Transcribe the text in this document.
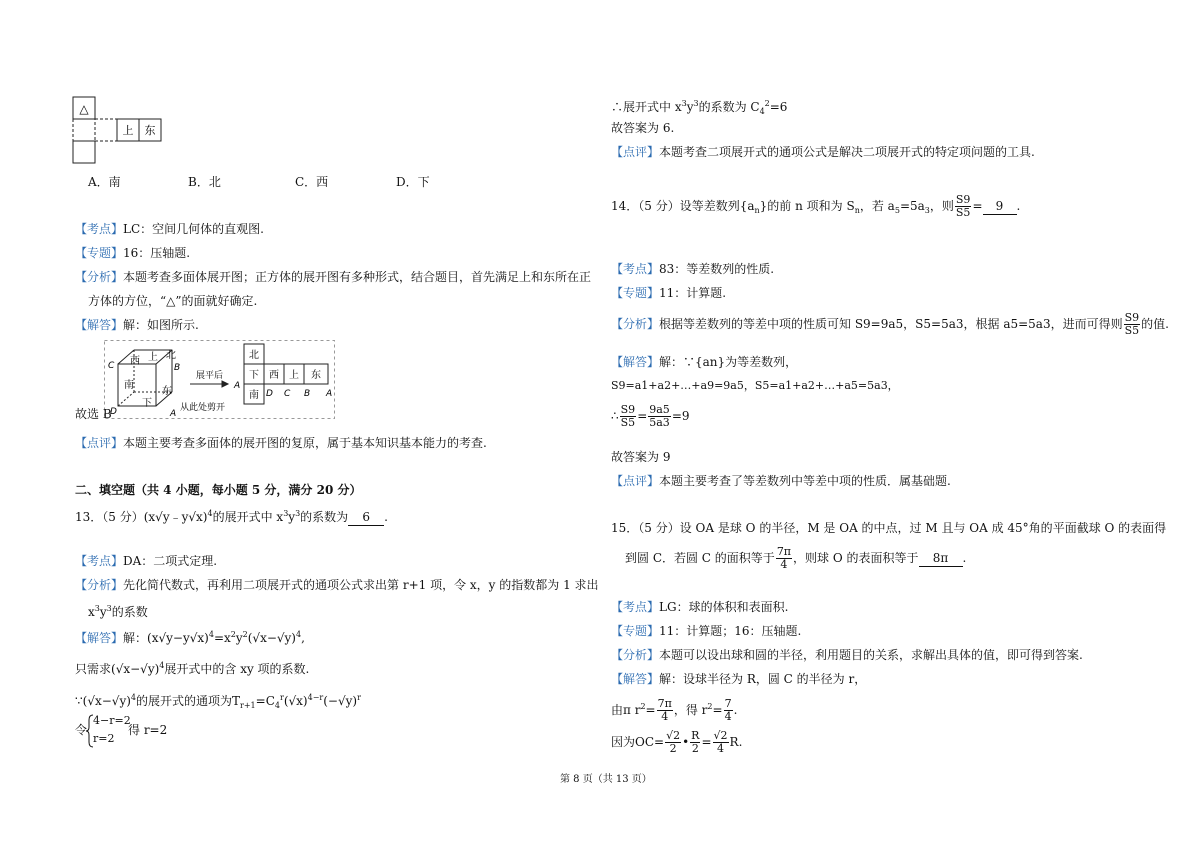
△
上 东
A．南	B．北	C．西	D．下
【考点】LC：空间几何体的直观图.
【专题】16：压轴题.
【分析】本题考查多面体展开图；正方体的展开图有多种形式，结合题目，首先满足上和东所在正
方体的方位，“△”的面就好确定.
【解答】解：如图所示.
西 上 北
南
东
下
C	B
D	A
展平后
从此处剪开
北
下 西 上 东
南
A
D C B A
故选 B
【点评】本题主要考查多面体的展开图的复原，属于基本知识基本能力的考查.
二、填空题（共 4 小题，每小题 5 分，满分 20 分）
13．（5 分）(x√y﹣y√x)$^4$的展开式中 $x^3y^3$的系数为 6 .
【考点】DA：二项式定理.
【分析】先化简代数式，再利用二项展开式的通项公式求出第 r+1 项，令 x，y 的指数都为 1 求出
$x^3y^3$的系数
【解答】解：$(x√y-y√x)^4=x^2y^2(√x-√y)^4$,
只需求$(√x-√y)^4$展开式中的含 xy 项的系数.
$\because(√x-√y)^4$的展开式的通项为$T_{r+1}=C_4^r(√x)^{4-r}(-√y)^r$
令
4−r=2
r=2
得 r=2
∴展开式中 $x^3y^3$的系数为 $C_4^2=6$
故答案为 6.
【点评】本题考查二项展开式的通项公式是解决二项展开式的特定项问题的工具.
14．（5 分）设等差数列$\{a_n\}$的前 n 项和为 $S_n$，若 $a_5=5a_3$，则 $\frac{S9}{S5} = 9$ .
【考点】83：等差数列的性质.
【专题】11：计算题.
【分析】根据等差数列的等差中项的性质可知 S9=9a5，S5=5a3，根据 a5=5a3，进而可得则 $\frac{S9}{S5}$ 的值.
【解答】解：∵{an}为等差数列，
S9=a1+a2+…+a9=9a5，S5=a1+a2+…+a5=5a3，
∴ $\frac{S9}{S5} = \frac{9a5}{5a3} =9$
故答案为 9
【点评】本题主要考查了等差数列中等差中项的性质．属基础题.
15．（5 分）设 OA 是球 O 的半径，M 是 OA 的中点，过 M 且与 OA 成 45°角的平面截球 O 的表面得
到圆 C．若圆 C 的面积等于 $\frac{7\pi}{4}$ ，则球 O 的表面积等于 8π .
【考点】LG：球的体积和表面积.
【专题】11：计算题；16：压轴题.
【分析】本题可以设出球和圆的半径，利用题目的关系，求解出具体的值，即可得到答案.
【解答】解：设球半径为 R，圆 C 的半径为 r，
由π $r^2= \frac{7\pi}{4}$ ，得 $r^2= \frac{7}{4}$ .
因为$OC= \frac{√2}{2}$ • $\frac{R}{2} = \frac{√2}{4} R$.
第 8 页（共 13 页）
